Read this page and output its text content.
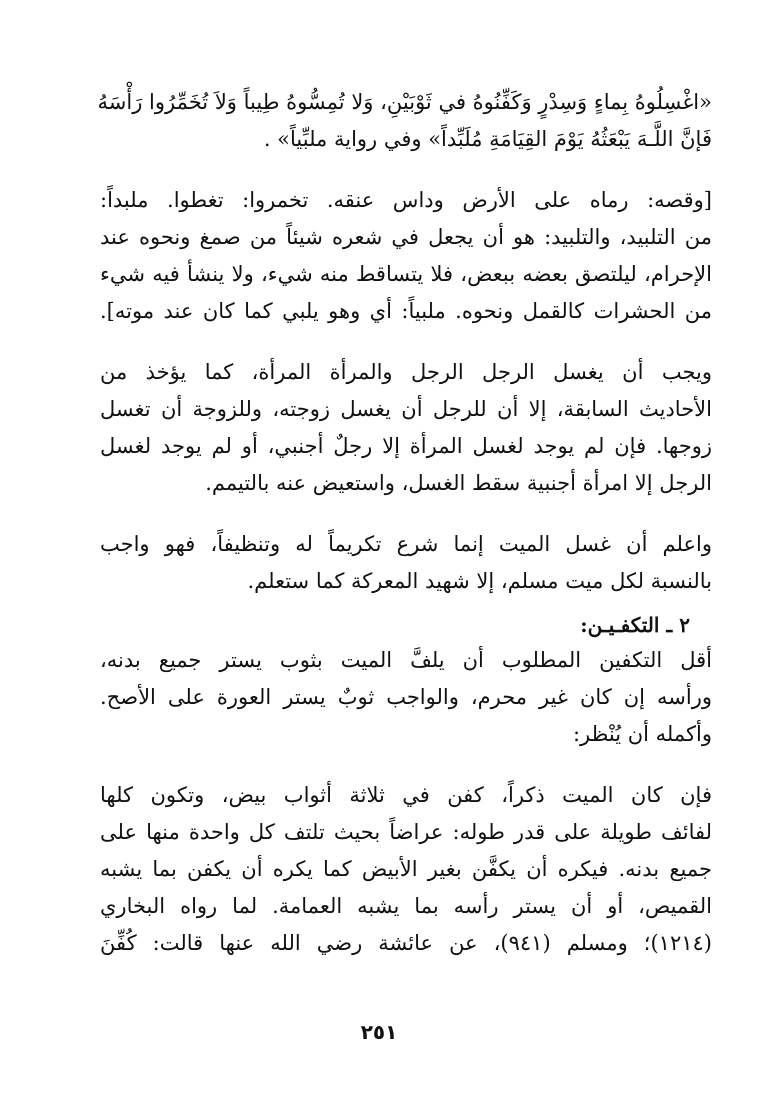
«اغْسِلُوهُ بِماءٍ وَسِدْرٍ وَكَفِّنُوهُ في ثَوْبَيْنِ، وَلا تُمِسُّوهُ طِيباً وَلاَ تُخَمِّرُوا رَأْسَهُ
فَإنَّ اللَّـهَ يَبْعَثُهُ يَوْمَ القِيَامَةِ مُلَبِّداً» وفي رواية ملبِّياً» .
[وقصه: رماه على الأرض وداس عنقه. تخمروا: تغطوا. ملبداً:
من التلبيد، والتلبيد: هو أن يجعل في شعره شيئاً من صمغ ونحوه عند
الإحرام، ليلتصق بعضه ببعض، فلا يتساقط منه شيء، ولا ينشأ فيه شيء
من الحشرات كالقمل ونحوه. ملبياً: أي وهو يلبي كما كان عند موته].
ويجب أن يغسل الرجل الرجل والمرأة المرأة، كما يؤخذ من
الأحاديث السابقة، إلا أن للرجل أن يغسل زوجته، وللزوجة أن تغسل
زوجها. فإن لم يوجد لغسل المرأة إلا رجلٌ أجنبي، أو لم يوجد لغسل
الرجل إلا امرأة أجنبية سقط الغسل، واستعيض عنه بالتيمم.
واعلم أن غسل الميت إنما شرع تكريماً له وتنظيفاً، فهو واجب
بالنسبة لكل ميت مسلم، إلا شهيد المعركة كما ستعلم.
٢ ـ التكفـيـن:
أقل التكفين المطلوب أن يلفَّ الميت بثوب يستر جميع بدنه،
ورأسه إن كان غير محرم، والواجب ثوبٌ يستر العورة على الأصح.
وأكمله أن يُنْظر:
فإن كان الميت ذكراً، كفن في ثلاثة أثواب بيض، وتكون كلها
لفائف طويلة على قدر طوله: عراضاً بحيث تلتف كل واحدة منها على
جميع بدنه. فيكره أن يكفَّن بغير الأبيض كما يكره أن يكفن بما يشبه
القميص، أو أن يستر رأسه بما يشبه العمامة. لما رواه البخاري
(١٢١٤)؛ ومسلم (٩٤١)، عن عائشة رضي الله عنها قالت: كُفِّنَ
٢٥١
